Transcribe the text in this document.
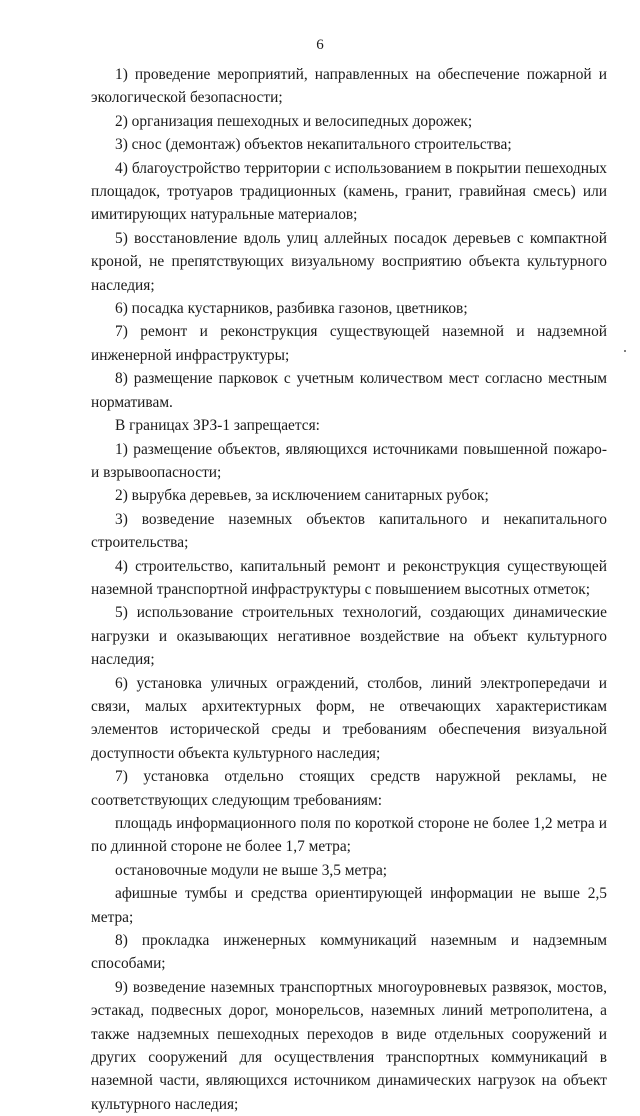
6

1) проведение мероприятий, направленных на обеспечение пожарной и экологической безопасности;

2) организация пешеходных и велосипедных дорожек;

3) снос (демонтаж) объектов некапитального строительства;

4) благоустройство территории с использованием в покрытии пешеходных площадок, тротуаров традиционных (камень, гранит, гравийная смесь) или имитирующих натуральные материалов;

5) восстановление вдоль улиц аллейных посадок деревьев с компактной кроной, не препятствующих визуальному восприятию объекта культурного наследия;

6) посадка кустарников, разбивка газонов, цветников;

7) ремонт и реконструкция существующей наземной и надземной инженерной инфраструктуры;

8) размещение парковок с учетным количеством мест согласно местным нормативам.

В границах ЗРЗ-1 запрещается:

1) размещение объектов, являющихся источниками повышенной пожаро- и взрывоопасности;

2) вырубка деревьев, за исключением санитарных рубок;

3) возведение наземных объектов капитального и некапитального строительства;

4) строительство, капитальный ремонт и реконструкция существующей наземной транспортной инфраструктуры с повышением высотных отметок;

5) использование строительных технологий, создающих динамические нагрузки и оказывающих негативное воздействие на объект культурного наследия;

6) установка уличных ограждений, столбов, линий электропередачи и связи, малых архитектурных форм, не отвечающих характеристикам элементов исторической среды и требованиям обеспечения визуальной доступности объекта культурного наследия;

7) установка отдельно стоящих средств наружной рекламы, не соответствующих следующим требованиям:

площадь информационного поля по короткой стороне не более 1,2 метра и по длинной стороне не более 1,7 метра;

остановочные модули не выше 3,5 метра;

афишные тумбы и средства ориентирующей информации не выше 2,5 метра;

8) прокладка инженерных коммуникаций наземным и надземным способами;

9) возведение наземных транспортных многоуровневых развязок, мостов, эстакад, подвесных дорог, монорельсов, наземных линий метрополитена, а также надземных пешеходных переходов в виде отдельных сооружений и других сооружений для осуществления транспортных коммуникаций в наземной части, являющихся источником динамических нагрузок на объект культурного наследия;
